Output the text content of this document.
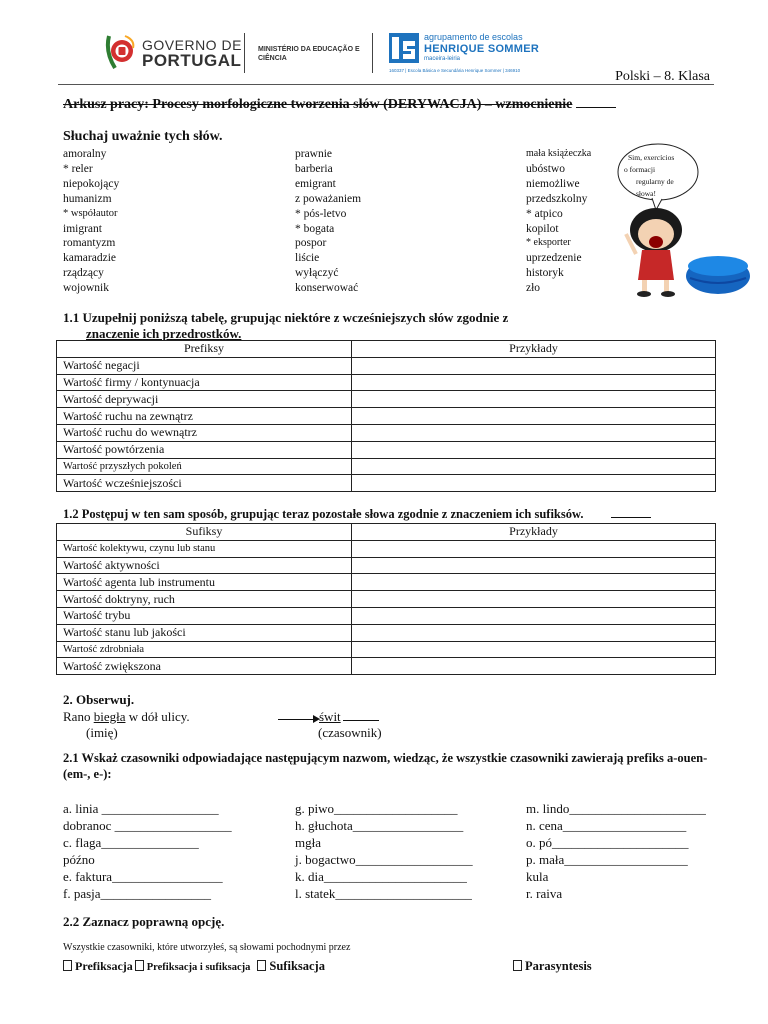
GOVERNO DE
PORTUGAL
MINISTÉRIO DA EDUCAÇÃO E CIÊNCIA
agrupamento de escolas
HENRIQUE SOMMER
maceira-leiria
160337 | Escola Básica e Secundária Henrique Sommer | 346910	Polski – 8. Klasa
Arkusz pracy: Procesy morfologiczne tworzenia słów (DERYWACJA) – wzmocnienie
Słuchaj uważnie tych słów.
amoralny
* reler
niepokojący
humanizm
* współautor
imigrant
romantyzm
kamaradzie
rządzący
wojownik
prawnie
barberia
emigrant
z poważaniem
* pós-letvo
* bogata
pospor
liście
wyłączyć
konserwować
mała książeczka
ubóstwo
niemożliwe
przedszkolny
* atpico
kopilot
* eksporter
uprzedzenie
historyk
zło
Sim, exercícios
o formacji
regularny de
słowa!
1.1 Uzupełnij poniższą tabelę, grupując niektóre z wcześniejszych słów zgodnie z
znaczenie ich przedrostków.
Prefiksy	Przykłady
Wartość negacji	
Wartość firmy / kontynuacja	
Wartość deprywacji	
Wartość ruchu na zewnątrz	
Wartość ruchu do wewnątrz	
Wartość powtórzenia	
Wartość przyszłych pokoleń	
Wartość wcześniejszości	
1.2 Postępuj w ten sam sposób, grupując teraz pozostałe słowa zgodnie z znaczeniem ich sufiksów.
Sufiksy	Przykłady
Wartość kolektywu, czynu lub stanu	
Wartość aktywności	
Wartość agenta lub instrumentu	
Wartość doktryny, ruch	
Wartość trybu	
Wartość stanu lub jakości	
Wartość zdrobniała	
Wartość zwiększona	
2. Obserwuj.
Rano biegła w dół ulicy.
(imię)
świt
(czasownik)
2.1 Wskaż czasowniki odpowiadające następującym nazwom, wiedząc, że wszystkie czasowniki zawierają prefiks a-ouen-(em-, e-):
a. linia __________________
dobranoc __________________
c. flaga_______________
późno
e. faktura_________________
f. pasja_________________
g. piwo___________________
h. głuchota_________________
mgła
j. bogactwo__________________
k. dia______________________
l. statek_____________________
m. lindo_____________________
n. cena___________________
o. pó_____________________
p. mała___________________
kula
r. raiva
2.2 Zaznacz poprawną opcję.
Wszystkie czasowniki, które utworzyłeś, są słowami pochodnymi przez
Prefiksacja Prefiksacja i sufiksacja Sufiksacja	Parasyntesis
